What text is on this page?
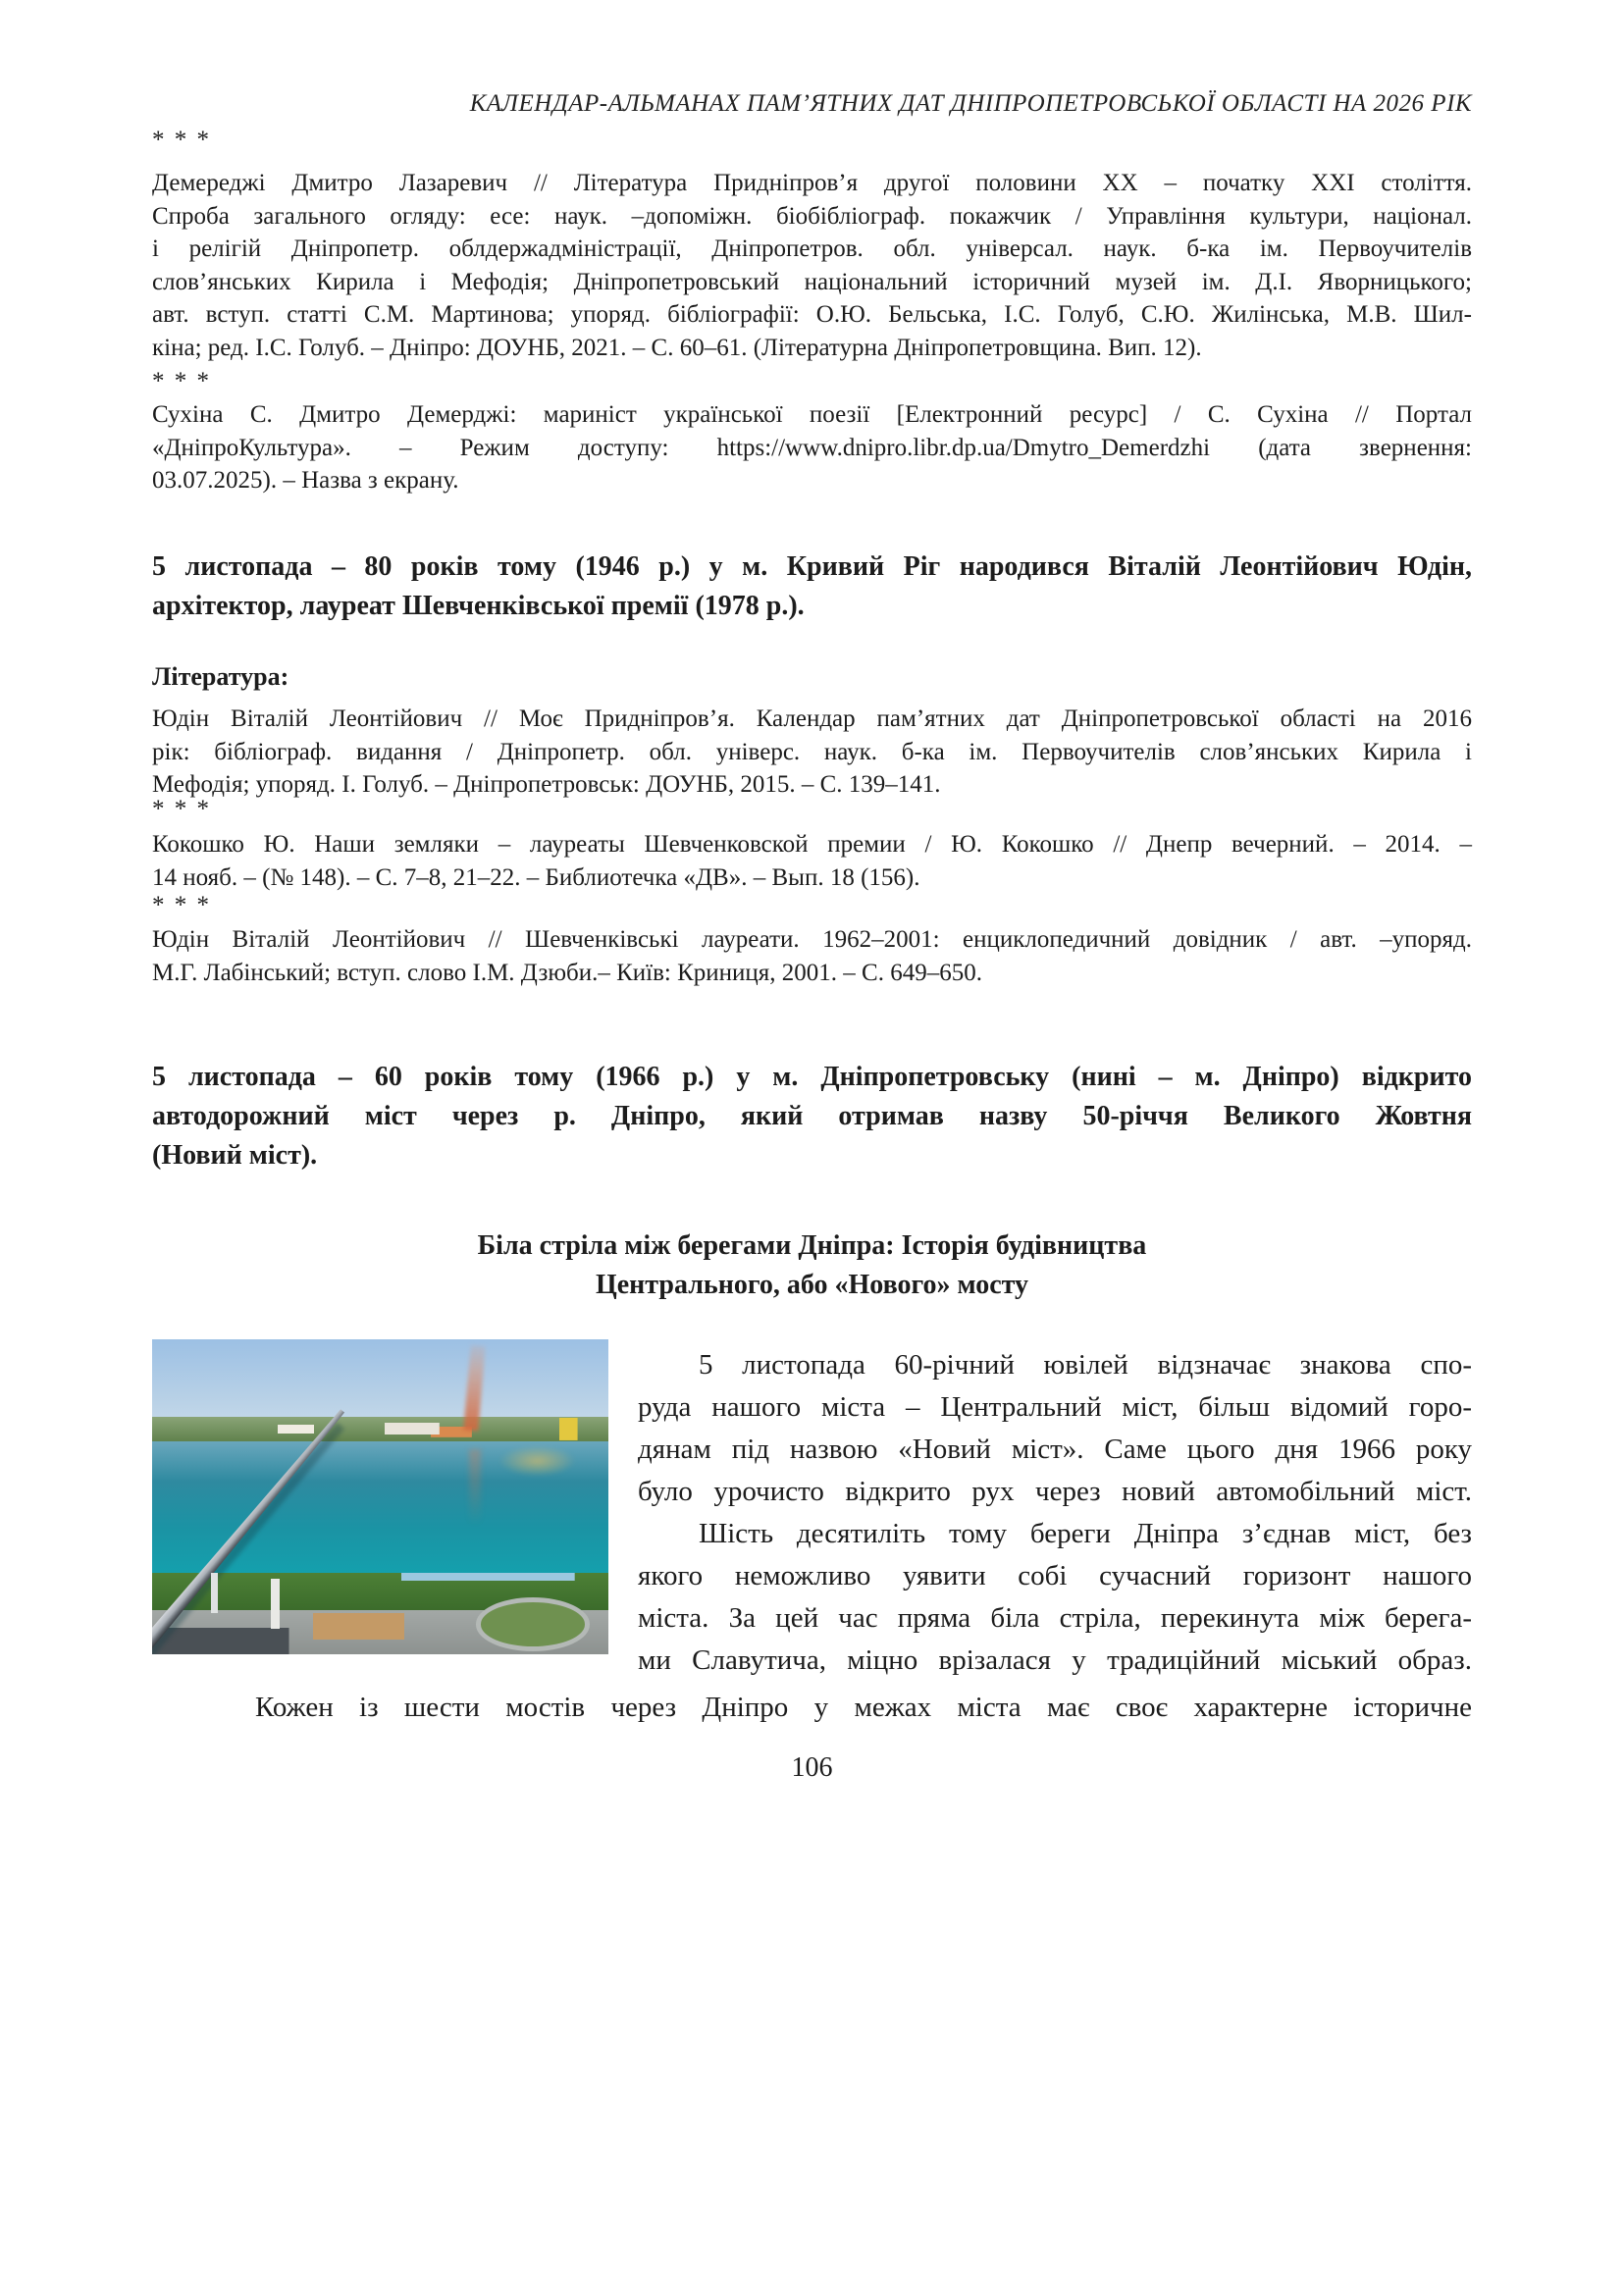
КАЛЕНДАР-АЛЬМАНАХ ПАМ’ЯТНИХ ДАТ ДНІПРОПЕТРОВСЬКОЇ ОБЛАСТІ НА 2026 РІК
* * *
Демереджі Дмитро Лазаревич // Література Придніпров’я другої половини ХХ – початку ХХІ століття.
Спроба загального огляду: есе: наук. –допоміжн. біобібліограф. покажчик / Управління культури, націонал.
і релігій Дніпропетр. облдержадміністрації, Дніпропетров. обл. універсал. наук. б-ка ім. Первоучителів
слов’янських Кирила і Мефодія; Дніпропетровський національний історичний музей ім. Д.І. Яворницького;
авт. вступ. статті С.М. Мартинова; упоряд. бібліографії: О.Ю. Бельська, І.С. Голуб, С.Ю. Жилінська, М.В. Шил-
кіна; ред. І.С. Голуб. – Дніпро: ДОУНБ, 2021. – С. 60–61. (Літературна Дніпропетровщина. Вип. 12).
* * *
Сухіна С. Дмитро Демерджі: мариніст української поезії [Електронний ресурс] / С. Сухіна // Портал
«ДніпроКультура». – Режим доступу: https://www.dnipro.libr.dp.ua/Dmytro_Demerdzhi (дата звернення:
03.07.2025). – Назва з екрану.
5 листопада – 80 років тому (1946 р.) у м. Кривий Ріг народився Віталій Леонтійович Юдін,
архітектор, лауреат Шевченківської премії (1978 р.).
Література:
Юдін Віталій Леонтійович // Моє Придніпров’я. Календар пам’ятних дат Дніпропетровської області на 2016
рік: бібліограф. видання / Дніпропетр. обл. універс. наук. б-ка ім. Первоучителів слов’янських Кирила і
Мефодія; упоряд. І. Голуб. – Дніпропетровськ: ДОУНБ, 2015. – С. 139–141.
* * *
Кокошко Ю. Наши земляки – лауреаты Шевченковской премии / Ю. Кокошко // Днепр вечерний. – 2014. –
14 нояб. – (№ 148). – С. 7–8, 21–22. – Библиотечка «ДВ». – Вып. 18 (156).
* * *
Юдін Віталій Леонтійович // Шевченківські лауреати. 1962–2001: енциклопедичний довідник / авт. –упоряд.
М.Г. Лабінський; вступ. слово І.М. Дзюби.– Київ: Криниця, 2001. – С. 649–650.
5 листопада – 60 років тому (1966 р.) у м. Дніпропетровську (нині – м. Дніпро) відкрито
автодорожний міст через р. Дніпро, який отримав назву 50-річчя Великого Жовтня
(Новий міст).
Біла стріла між берегами Дніпра: Історія будівництва
Центрального, або «Нового» мосту
5 листопада 60-річний ювілей відзначає знакова спо-
руда нашого міста – Центральний міст, більш відомий горо-
дянам під назвою «Новий міст». Саме цього дня 1966 року
було урочисто відкрито рух через новий автомобільний міст.
Шість десятиліть тому береги Дніпра з’єднав міст, без
якого неможливо уявити собі сучасний горизонт нашого
міста. За цей час пряма біла стріла, перекинута між берега-
ми Славутича, міцно врізалася у традиційний міський образ.
Кожен із шести мостів через Дніпро у межах міста має своє характерне історичне
106
